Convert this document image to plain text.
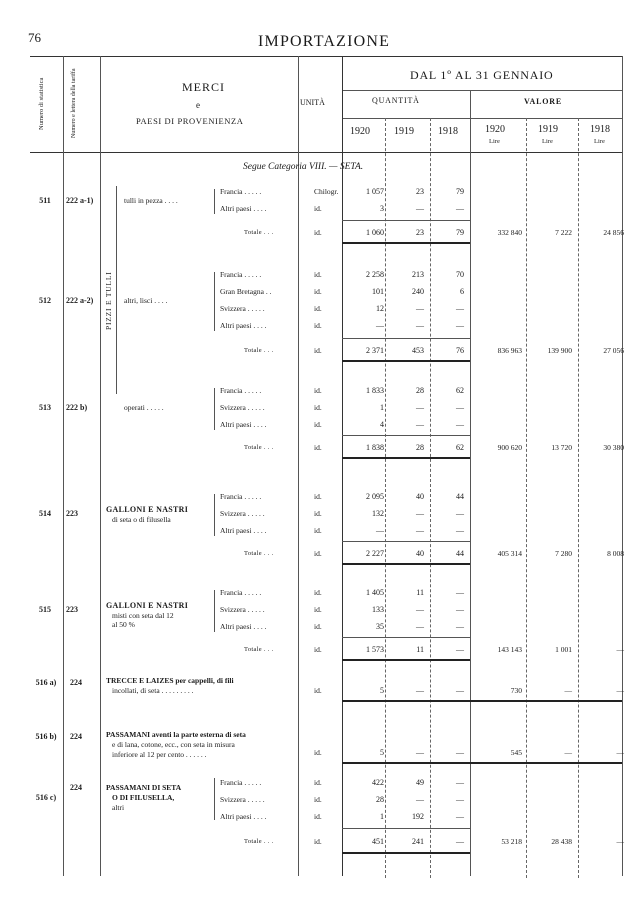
76	IMPORTAZIONE
Numero di statistica	Numero e lettera della tariffa	MERCI
e
PAESI DI PROVENIENZA
UNITÀ
DAL 1º AL 31 GENNAIO
QUANTITÀ	VALORE
1920 1919 1918	1920	1919	1918
Lire	Lire	Lire
Segue Categoria VIII. — SETA.
PIZZI E TULLI
511	222 a-1)	tulli in pezza . . . .
Francia . . . . .	Chilogr.	1 057	23	79
Altri paesi . . . .	id.	3	—	—
Totale . . .	id.	1 060	23	79	332 840	7 222	24 856
512	222 a-2)	altri, lisci . . . .
Francia . . . . .	id.	2 258	213	70
Gran Bretagna . .	id.	101	240	6
Svizzera . . . . .	id.	12	—	—
Altri paesi . . . .	id.	—	—	—
Totale . . .	id.	2 371	453	76	836 963	139 900	27 056
513	222 b)	operati . . . . .
Francia . . . . .	id.	1 833	28	62
Svizzera . . . . .	id.	1	—	—
Altri paesi . . . .	id.	4	—	—
Totale . . .	id.	1 838	28	62	900 620	13 720	30 380
514	223	GALLONI E NASTRI
di seta o di filusella
Francia . . . . .	id.	2 095	40	44
Svizzera . . . . .	id.	132	—	—
Altri paesi . . . .	id.	—	—	—
Totale . . .	id.	2 227	40	44	405 314	7 280	8 008
515	223	GALLONI E NASTRI
misti con seta dal 12
al 50 %
Francia . . . . .	id.	1 405	11	—
Svizzera . . . . .	id.	133	—	—
Altri paesi . . . .	id.	35	—	—
Totale . . .	id.	1 573	11	—	143 143	1 001	—
516 a)	224	TRECCE E LAIZES per cappelli, di fili
incollati, di seta . . . . . . . . .	id.	5	—	—	730	—	—
516 b)	224	PASSAMANI aventi la parte esterna di seta
e di lana, cotone, ecc., con seta in misura
inferiore al 12 per cento . . . . . .	id.	5	—	—	545	—	—
516 c)
224	PASSAMANI DI SETA
O DI FILUSELLA,
altri
Francia . . . . .	id.	422	49	—
Svizzera . . . . .	id.	28	—	—
Altri paesi . . . .	id.	1	192	—
Totale . . .	id.	451	241	—	53 218	28 438	—
